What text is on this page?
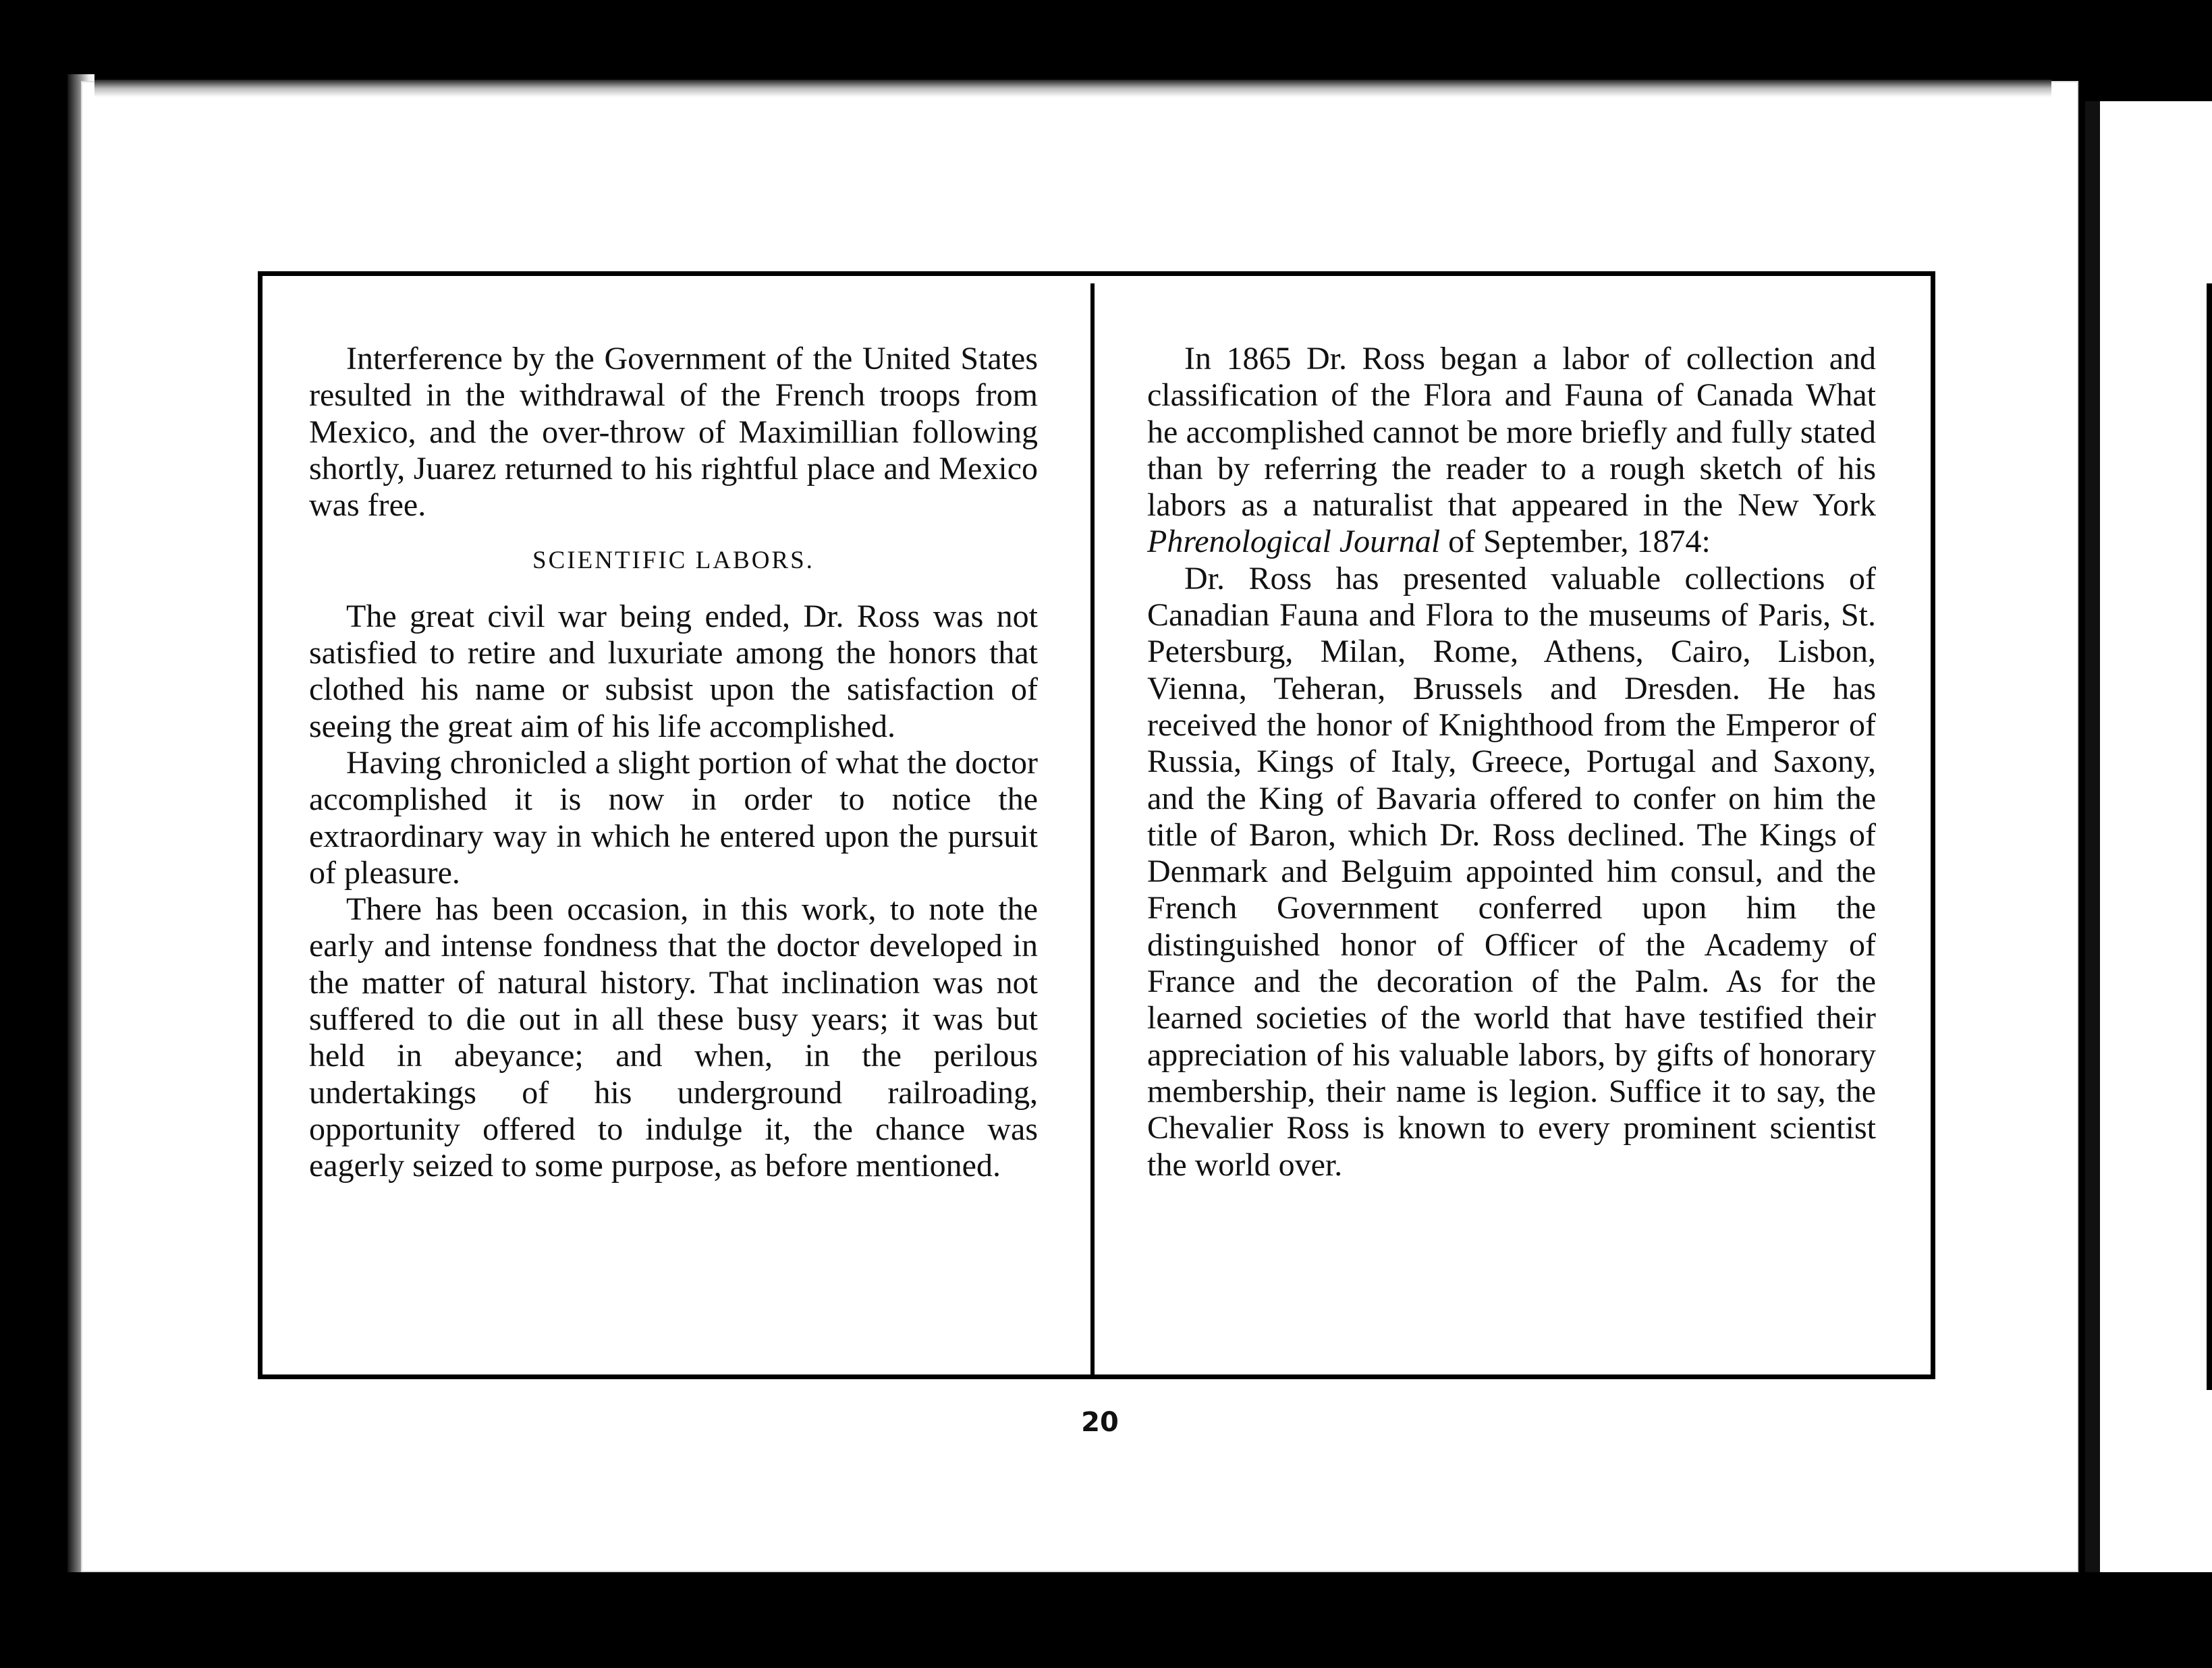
Interference by the Government of the United States resulted in the withdrawal of the French troops from Mexico, and the over-throw of Maximillian following shortly, Juarez returned to his rightful place and Mexico was free.

SCIENTIFIC LABORS.

The great civil war being ended, Dr. Ross was not satisfied to retire and luxuriate among the honors that clothed his name or subsist upon the satisfaction of seeing the great aim of his life accomplished.

Having chronicled a slight portion of what the doctor accomplished it is now in order to notice the extraordinary way in which he entered upon the pursuit of pleasure.

There has been occasion, in this work, to note the early and intense fondness that the doctor developed in the matter of natural history. That inclination was not suffered to die out in all these busy years; it was but held in abeyance; and when, in the perilous undertakings of his underground railroading, opportunity offered to indulge it, the chance was eagerly seized to some purpose, as before mentioned.

In 1865 Dr. Ross began a labor of collection and classification of the Flora and Fauna of Canada What he accomplished cannot be more briefly and fully stated than by referring the reader to a rough sketch of his labors as a naturalist that appeared in the New York Phrenological Journal of September, 1874:

Dr. Ross has presented valuable collections of Canadian Fauna and Flora to the museums of Paris, St. Petersburg, Milan, Rome, Athens, Cairo, Lisbon, Vienna, Teheran, Brussels and Dresden. He has received the honor of Knighthood from the Emperor of Russia, Kings of Italy, Greece, Portugal and Saxony, and the King of Bavaria offered to confer on him the title of Baron, which Dr. Ross declined. The Kings of Denmark and Belguim appointed him consul, and the French Government conferred upon him the distinguished honor of Officer of the Academy of France and the decoration of the Palm. As for the learned societies of the world that have testified their appreciation of his valuable labors, by gifts of honorary membership, their name is legion. Suffice it to say, the Chevalier Ross is known to every prominent scientist the world over.

20
